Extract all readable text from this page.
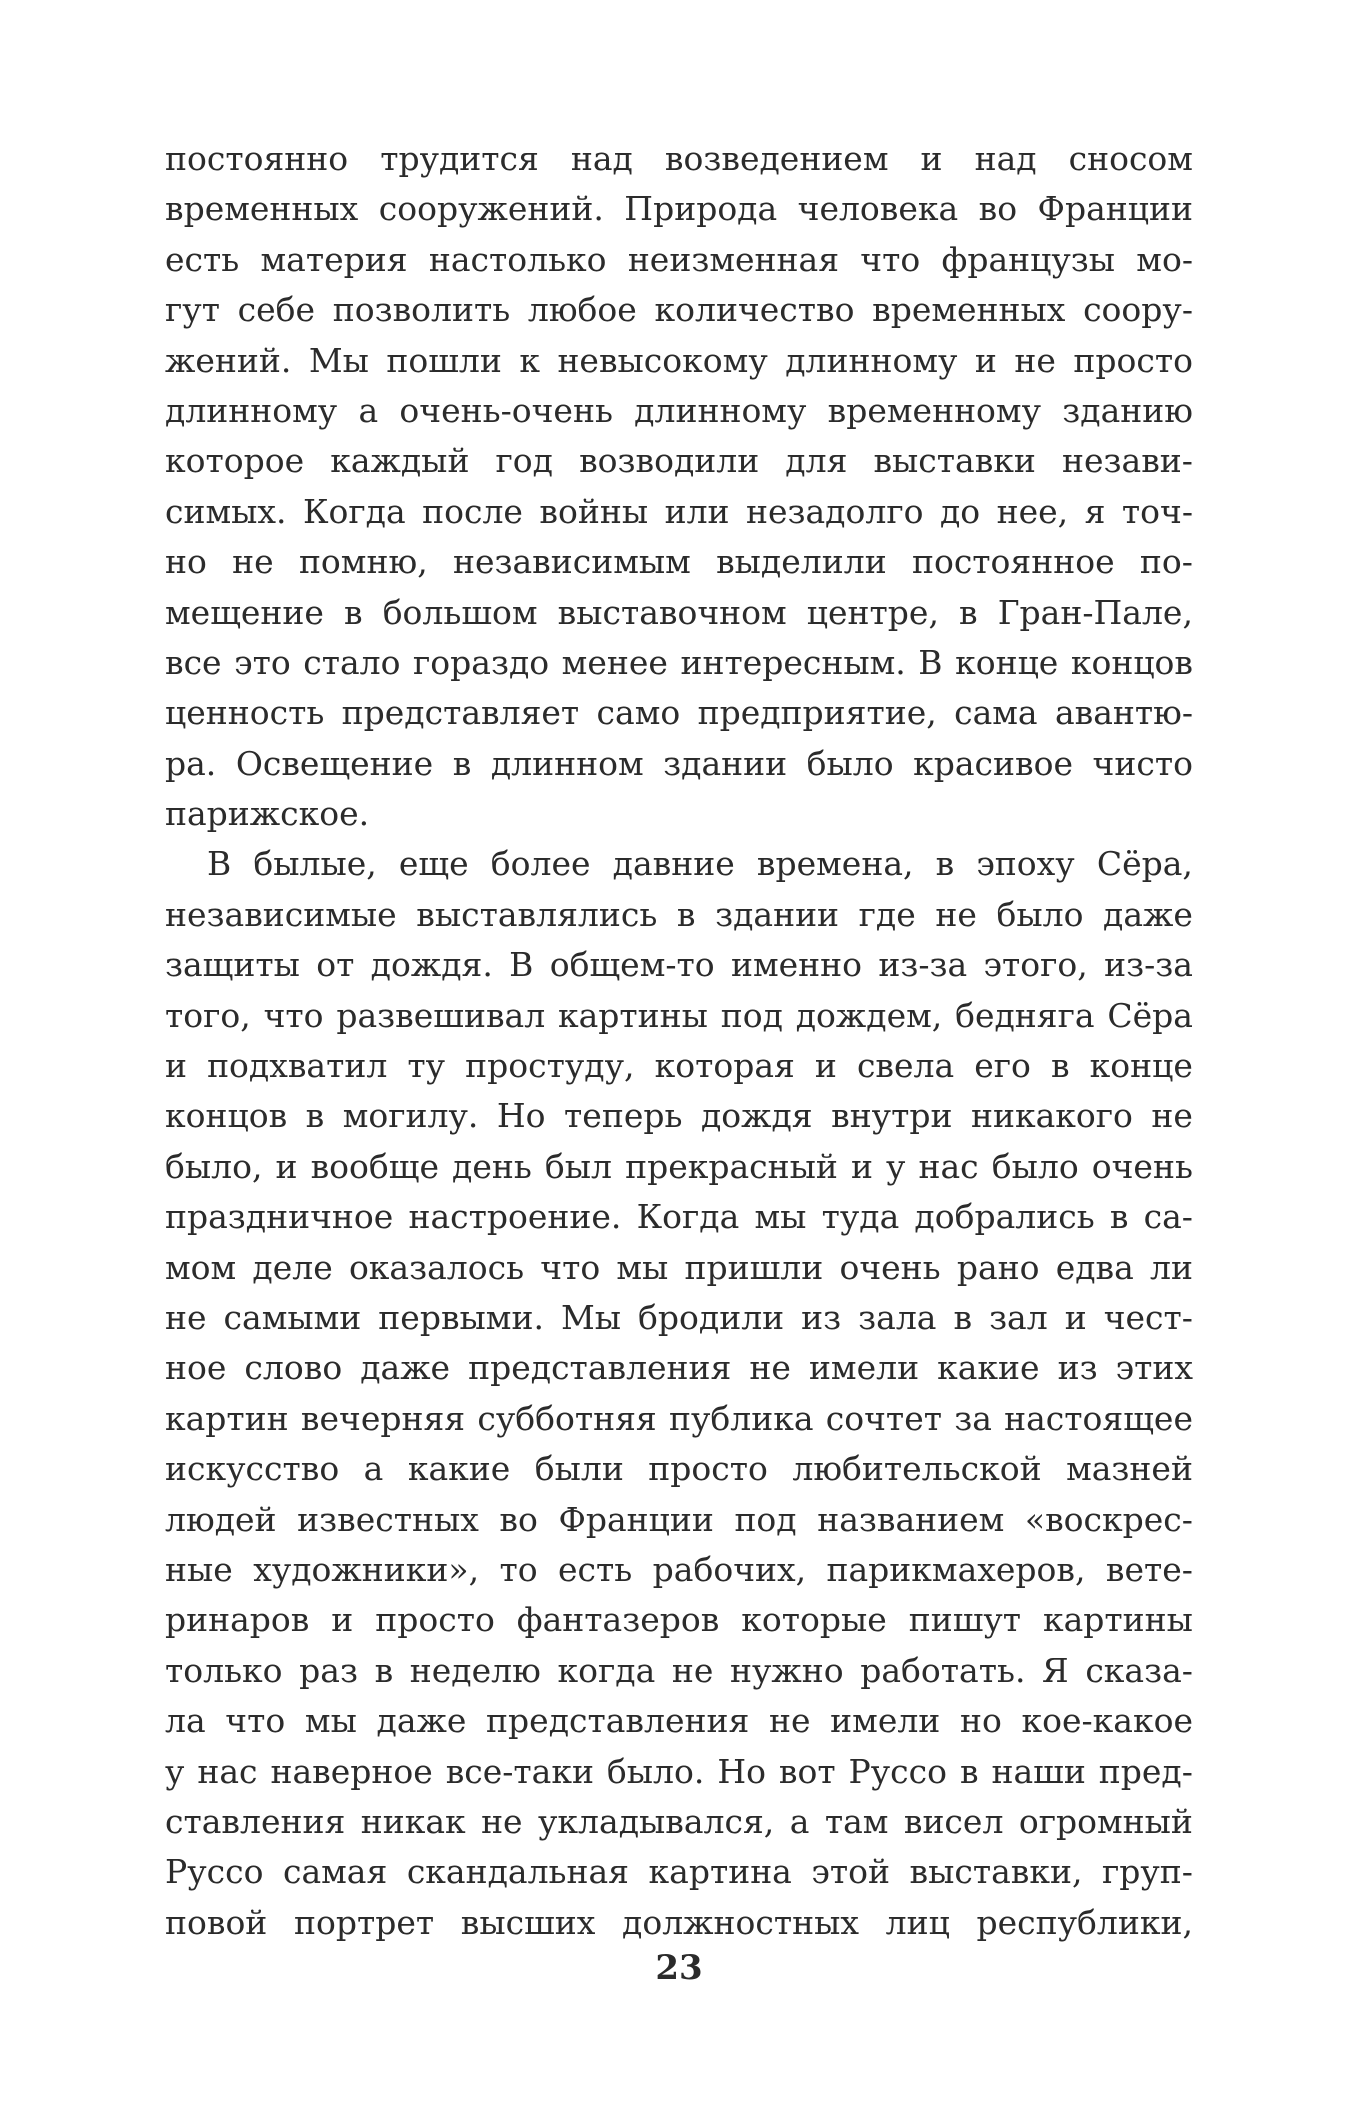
постоянно трудится над возведением и над сносом
временных сооружений. Природа человека во Франции
есть материя настолько неизменная что французы мо-
гут себе позволить любое количество временных соору-
жений. Мы пошли к невысокому длинному и не просто
длинному а очень-очень длинному временному зданию
которое каждый год возводили для выставки незави-
симых. Когда после войны или незадолго до нее, я точ-
но не помню, независимым выделили постоянное по-
мещение в большом выставочном центре, в Гран-Пале,
все это стало гораздо менее интересным. В конце концов
ценность представляет само предприятие, сама авантю-
ра. Освещение в длинном здании было красивое чисто
парижское.
В былые, еще более давние времена, в эпоху Сёра,
независимые выставлялись в здании где не было даже
защиты от дождя. В общем-то именно из-за этого, из-за
того, что развешивал картины под дождем, бедняга Сёра
и подхватил ту простуду, которая и свела его в конце
концов в могилу. Но теперь дождя внутри никакого не
было, и вообще день был прекрасный и у нас было очень
праздничное настроение. Когда мы туда добрались в са-
мом деле оказалось что мы пришли очень рано едва ли
не самыми первыми. Мы бродили из зала в зал и чест-
ное слово даже представления не имели какие из этих
картин вечерняя субботняя публика сочтет за настоящее
искусство а какие были просто любительской мазней
людей известных во Франции под названием «воскрес-
ные художники», то есть рабочих, парикмахеров, вете-
ринаров и просто фантазеров которые пишут картины
только раз в неделю когда не нужно работать. Я сказа-
ла что мы даже представления не имели но кое-какое
у нас наверное все-таки было. Но вот Руссо в наши пред-
ставления никак не укладывался, а там висел огромный
Руссо самая скандальная картина этой выставки, груп-
повой портрет высших должностных лиц республики,
23
